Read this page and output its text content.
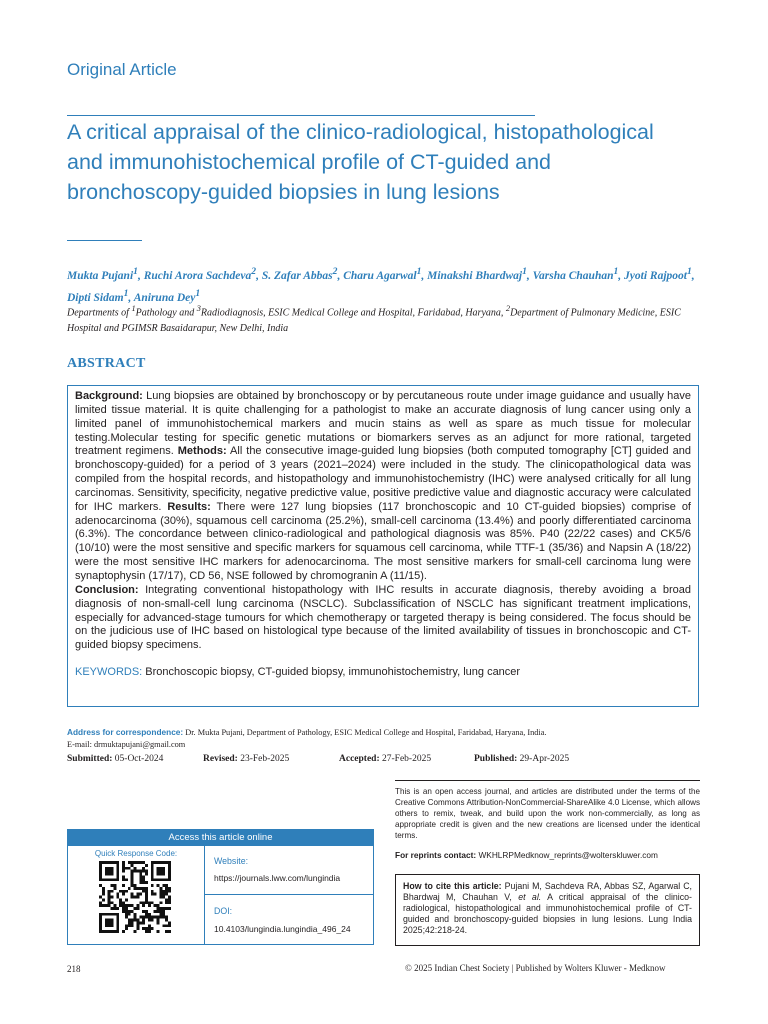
Original Article
A critical appraisal of the clinico-radiological, histopathological and immunohistochemical profile of CT-guided and bronchoscopy-guided biopsies in lung lesions
Mukta Pujani$^1$, Ruchi Arora Sachdeva$^2$, S. Zafar Abbas$^2$, Charu Agarwal$^1$, Minakshi Bhardwaj$^1$, Varsha Chauhan$^1$, Jyoti Rajpoot$^1$, Dipti Sidam$^1$, Aniruna Dey$^1$
Departments of $^1$Pathology and $^3$Radiodiagnosis, ESIC Medical College and Hospital, Faridabad, Haryana, $^2$Department of Pulmonary Medicine, ESIC Hospital and PGIMSR Basaidarapur, New Delhi, India
ABSTRACT
Background: Lung biopsies are obtained by bronchoscopy or by percutaneous route under image guidance and usually have limited tissue material. It is quite challenging for a pathologist to make an accurate diagnosis of lung cancer using only a limited panel of immunohistochemical markers and mucin stains as well as spare as much tissue for molecular testing.Molecular testing for specific genetic mutations or biomarkers serves as an adjunct for more rational, targeted treatment regimens. Methods: All the consecutive image-guided lung biopsies (both computed tomography [CT] guided and bronchoscopy-guided) for a period of 3 years (2021–2024) were included in the study. The clinicopathological data was compiled from the hospital records, and histopathology and immunohistochemistry (IHC) were analysed critically for all lung carcinomas. Sensitivity, specificity, negative predictive value, positive predictive value and diagnostic accuracy were calculated for IHC markers. Results: There were 127 lung biopsies (117 bronchoscopic and 10 CT-guided biopsies) comprise of adenocarcinoma (30%), squamous cell carcinoma (25.2%), small-cell carcinoma (13.4%) and poorly differentiated carcinoma (6.3%). The concordance between clinico-radiological and pathological diagnosis was 85%. P40 (22/22 cases) and CK5/6 (10/10) were the most sensitive and specific markers for squamous cell carcinoma, while TTF-1 (35/36) and Napsin A (18/22) were the most sensitive IHC markers for adenocarcinoma. The most sensitive markers for small-cell carcinoma lung were synaptophysin (17/17), CD 56, NSE followed by chromogranin A (11/15).
Conclusion: Integrating conventional histopathology with IHC results in accurate diagnosis, thereby avoiding a broad diagnosis of non-small-cell lung carcinoma (NSCLC). Subclassification of NSCLC has significant treatment implications, especially for advanced-stage tumours for which chemotherapy or targeted therapy is being considered. The focus should be on the judicious use of IHC based on histological type because of the limited availability of tissues in bronchoscopic and CT-guided biopsy specimens.
KEYWORDS: Bronchoscopic biopsy, CT-guided biopsy, immunohistochemistry, lung cancer
Address for correspondence: Dr. Mukta Pujani, Department of Pathology, ESIC Medical College and Hospital, Faridabad, Haryana, India.
E-mail: drmuktapujani@gmail.com
Submitted: 05-Oct-2024	Revised: 23-Feb-2025	Accepted: 27-Feb-2025	Published: 29-Apr-2025
This is an open access journal, and articles are distributed under the terms of the Creative Commons Attribution-NonCommercial-ShareAlike 4.0 License, which allows others to remix, tweak, and build upon the work non-commercially, as long as appropriate credit is given and the new creations are licensed under the identical terms.
For reprints contact: WKHLRPMedknow_reprints@wolterskluwer.com
How to cite this article: Pujani M, Sachdeva RA, Abbas SZ, Agarwal C, Bhardwaj M, Chauhan V, et al. A critical appraisal of the clinico-radiological, histopathological and immunohistochemical profile of CT-guided and bronchoscopy-guided biopsies in lung lesions. Lung India 2025;42:218-24.
Access this article online
Quick Response Code:
Website:
https://journals.lww.com/lungindia
DOI:
10.4103/lungindia.lungindia_496_24
218	© 2025 Indian Chest Society | Published by Wolters Kluwer - Medknow
